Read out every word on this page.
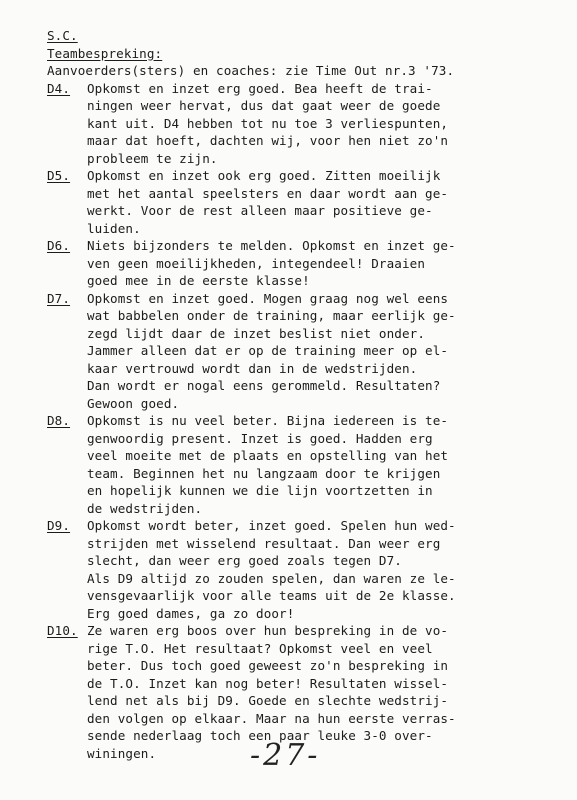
S.C.
Teambespreking:
Aanvoerders(sters) en coaches: zie Time Out nr.3 '73.
D4.	Opkomst en inzet erg goed. Bea heeft de trai-
ningen weer hervat, dus dat gaat weer de goede
kant uit. D4 hebben tot nu toe 3 verliespunten,
maar dat hoeft, dachten wij, voor hen niet zo'n
probleem te zijn.
D5.	Opkomst en inzet ook erg goed. Zitten moeilijk
met het aantal speelsters en daar wordt aan ge-
werkt. Voor de rest alleen maar positieve ge-
luiden.
D6.	Niets bijzonders te melden. Opkomst en inzet ge-
ven geen moeilijkheden, integendeel! Draaien
goed mee in de eerste klasse!
D7.	Opkomst en inzet goed. Mogen graag nog wel eens
wat babbelen onder de training, maar eerlijk ge-
zegd lijdt daar de inzet beslist niet onder.
Jammer alleen dat er op de training meer op el-
kaar vertrouwd wordt dan in de wedstrijden.
Dan wordt er nogal eens gerommeld. Resultaten?
Gewoon goed.
D8.	Opkomst is nu veel beter. Bijna iedereen is te-
genwoordig present. Inzet is goed. Hadden erg
veel moeite met de plaats en opstelling van het
team. Beginnen het nu langzaam door te krijgen
en hopelijk kunnen we die lijn voortzetten in
de wedstrijden.
D9.	Opkomst wordt beter, inzet goed. Spelen hun wed-
strijden met wisselend resultaat. Dan weer erg
slecht, dan weer erg goed zoals tegen D7.
Als D9 altijd zo zouden spelen, dan waren ze le-
vensgevaarlijk voor alle teams uit de 2e klasse.
Erg goed dames, ga zo door!
D10. Ze waren erg boos over hun bespreking in de vo-
rige T.O. Het resultaat? Opkomst veel en veel
beter. Dus toch goed geweest zo'n bespreking in
de T.O. Inzet kan nog beter! Resultaten wissel-
lend net als bij D9. Goede en slechte wedstrij-
den volgen op elkaar. Maar na hun eerste verras-
sende nederlaag toch een paar leuke 3-0 over-
winingen.	-27-
